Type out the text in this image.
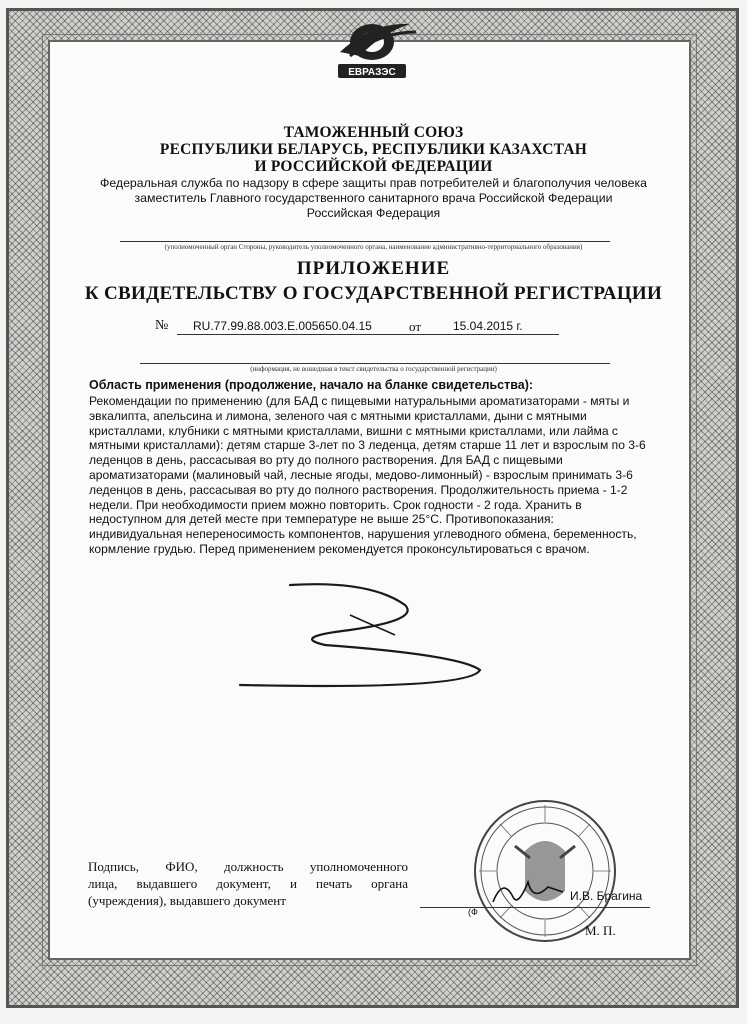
ЕВРАЗЭС
ТАМОЖЕННЫЙ СОЮЗ
РЕСПУБЛИКИ БЕЛАРУСЬ, РЕСПУБЛИКИ КАЗАХСТАН
И РОССИЙСКОЙ ФЕДЕРАЦИИ
Федеральная служба по надзору в сфере защиты прав потребителей и благополучия человека
заместитель Главного государственного санитарного врача Российской Федерации
Российская Федерация
(уполномоченный орган Стороны, руководитель уполномоченного органа, наименование административно-территориального образования)
ПРИЛОЖЕНИЕ
К СВИДЕТЕЛЬСТВУ О ГОСУДАРСТВЕННОЙ РЕГИСТРАЦИИ
№ RU.77.99.88.003.E.005650.04.15	от	15.04.2015 г.
(информация, не вошедшая в текст свидетельства о государственной регистрации)
Область применения (продолжение, начало на бланке свидетельства):
Рекомендации по применению (для БАД с пищевыми натуральными ароматизаторами - мяты и
эвкалипта, апельсина и лимона, зеленого чая с мятными кристаллами, дыни с мятными
кристаллами, клубники с мятными кристаллами, вишни с мятными кристаллами, или лайма с
мятными кристаллами): детям старше 3-лет по 3 леденца, детям старше 11 лет и взрослым по 3-6
леденцов в день, рассасывая во рту до полного растворения. Для БАД с пищевыми
ароматизаторами (малиновый чай, лесные ягоды, медово-лимонный) - взрослым принимать 3-6
леденцов в день, рассасывая во рту до полного растворения. Продолжительность приема - 1-2
недели. При необходимости прием можно повторить. Срок годности - 2 года. Хранить в
недоступном для детей месте при температуре не выше 25°С. Противопоказания:
индивидуальная непереносимость компонентов, нарушения углеводного обмена, беременность,
кормление грудью. Перед применением рекомендуется проконсультироваться с врачом.
Подпись, ФИО, должность уполномоченного
лица, выдавшего документ, и печать органа
(учреждения), выдавшего документ	И.В. Брагина
(Ф
М. П.
